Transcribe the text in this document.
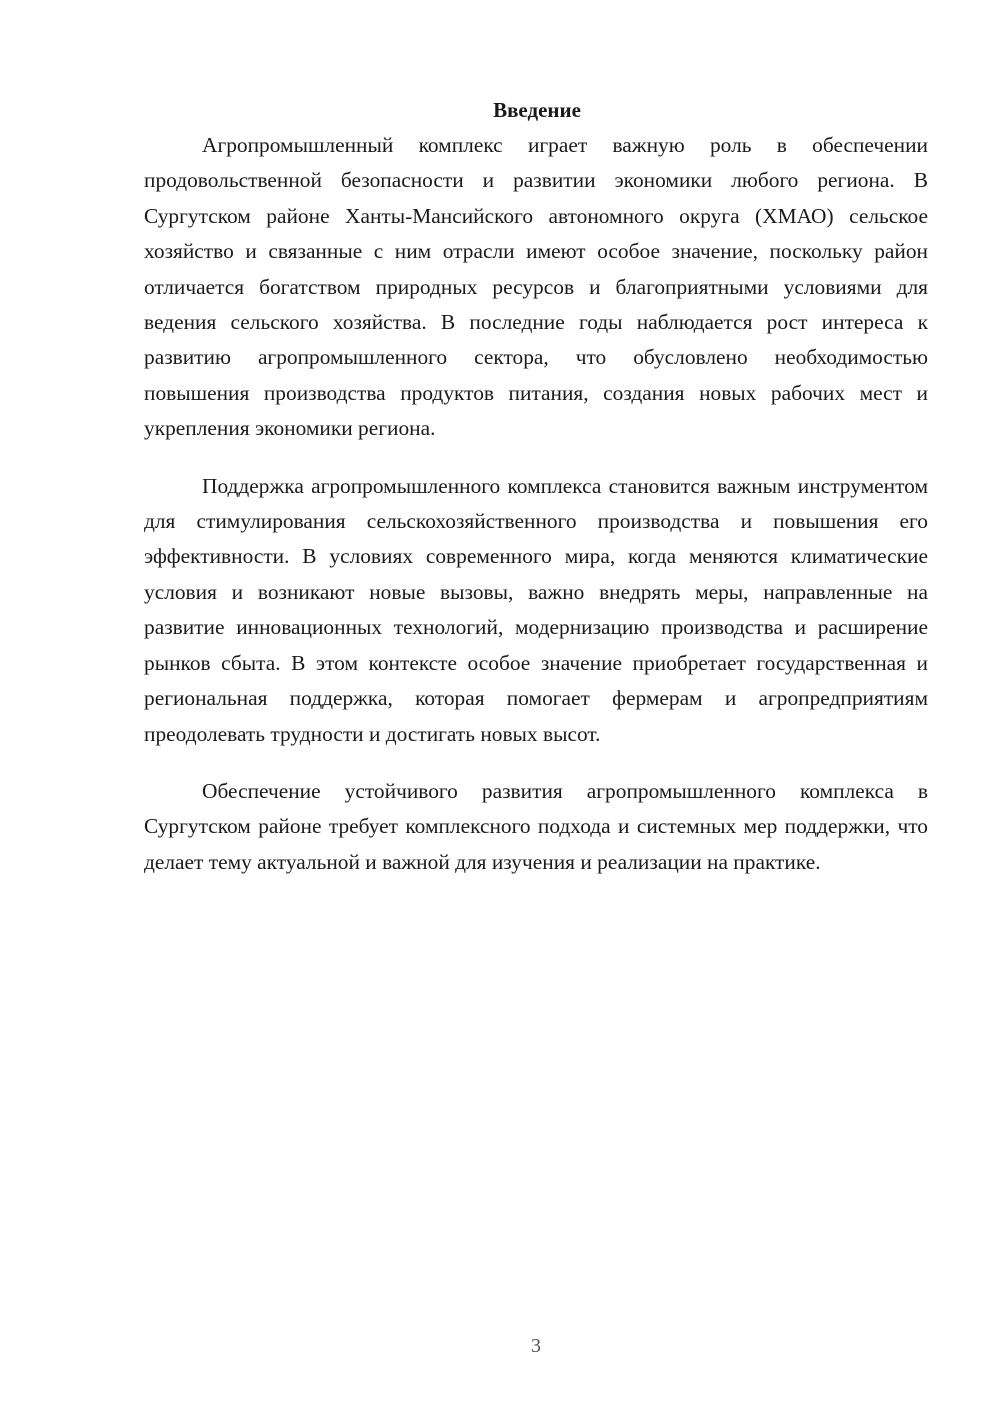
Введение

Агропромышленный комплекс играет важную роль в обеспечении продовольственной безопасности и развитии экономики любого региона. В Сургутском районе Ханты-Мансийского автономного округа (ХМАО) сельское хозяйство и связанные с ним отрасли имеют особое значение, поскольку район отличается богатством природных ресурсов и благоприятными условиями для ведения сельского хозяйства. В последние годы наблюдается рост интереса к развитию агропромышленного сектора, что обусловлено необходимостью повышения производства продуктов питания, создания новых рабочих мест и укрепления экономики региона.

Поддержка агропромышленного комплекса становится важным инструментом для стимулирования сельскохозяйственного производства и повышения его эффективности. В условиях современного мира, когда меняются климатические условия и возникают новые вызовы, важно внедрять меры, направленные на развитие инновационных технологий, модернизацию производства и расширение рынков сбыта. В этом контексте особое значение приобретает государственная и региональная поддержка, которая помогает фермерам и агропредприятиям преодолевать трудности и достигать новых высот.

Обеспечение устойчивого развития агропромышленного комплекса в Сургутском районе требует комплексного подхода и системных мер поддержки, что делает тему актуальной и важной для изучения и реализации на практике.

3
